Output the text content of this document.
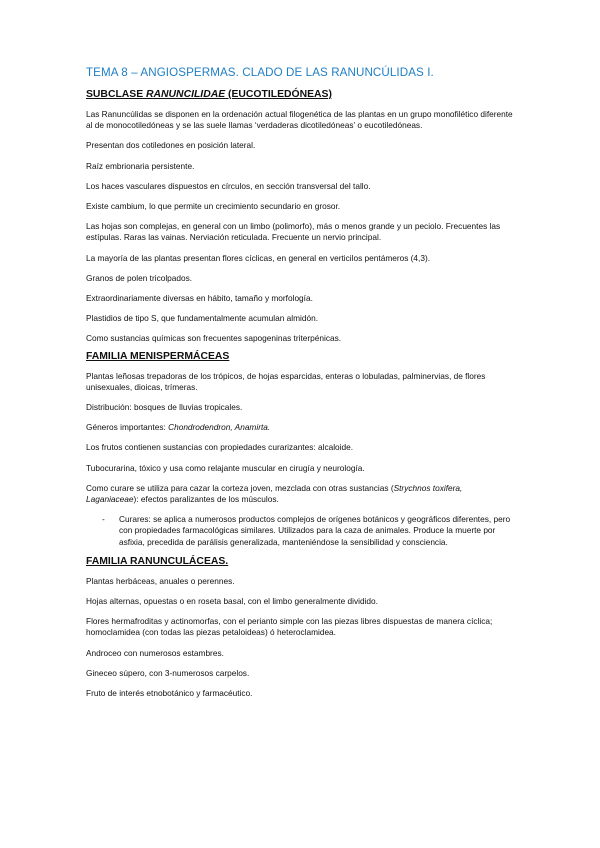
TEMA 8 – ANGIOSPERMAS. CLADO DE LAS RANUNCÚLIDAS I.
SUBCLASE RANUNCILIDAE (EUCOTILEDÓNEAS)

Las Ranuncúlidas se disponen en la ordenación actual filogenética de las plantas en un grupo monofilético diferente al de monocotiledóneas y se las suele llamas ‘verdaderas dicotiledóneas’ o eucotiledóneas.

Presentan dos cotiledones en posición lateral.

Raíz embrionaria persistente.

Los haces vasculares dispuestos en círculos, en sección transversal del tallo.

Existe cambium, lo que permite un crecimiento secundario en grosor.

Las hojas son complejas, en general con un limbo (polimorfo), más o menos grande y un peciolo. Frecuentes las estípulas. Raras las vainas. Nerviación reticulada. Frecuente un nervio principal.

La mayoría de las plantas presentan flores cíclicas, en general en verticilos pentámeros (4,3).

Granos de polen tricolpados.

Extraordinariamente diversas en hábito, tamaño y morfología.

Plastidios de tipo S, que fundamentalmente acumulan almidón.

Como sustancias químicas son frecuentes sapogeninas triterpénicas.

FAMILIA MENISPERMÁCEAS

Plantas leñosas trepadoras de los trópicos, de hojas esparcidas, enteras o lobuladas, palminervias, de flores unisexuales, dioicas, trímeras.

Distribución: bosques de lluvias tropicales.

Géneros importantes: Chondrodendron, Anamirta.

Los frutos contienen sustancias con propiedades curarizantes: alcaloide.

Tubocurarina, tóxico y usa como relajante muscular en cirugía y neurología.

Como curare se utiliza para cazar la corteza joven, mezclada con otras sustancias (Strychnos toxifera, Laganiaceae): efectos paralizantes de los músculos.

-	Curares: se aplica a numerosos productos complejos de orígenes botánicos y geográficos diferentes, pero con propiedades farmacológicas similares. Utilizados para la caza de animales. Produce la muerte por asfixia, precedida de parálisis generalizada, manteniéndose la sensibilidad y consciencia.
FAMILIA RANUNCULÁCEAS.

Plantas herbáceas, anuales o perennes.

Hojas alternas, opuestas o en roseta basal, con el limbo generalmente dividido.

Flores hermafroditas y actinomorfas, con el perianto simple con las piezas libres dispuestas de manera cíclica; homoclamidea (con todas las piezas petaloideas) ó heteroclamidea.

Androceo con numerosos estambres.

Gineceo súpero, con 3-numerosos carpelos.

Fruto de interés etnobotánico y farmacéutico.
